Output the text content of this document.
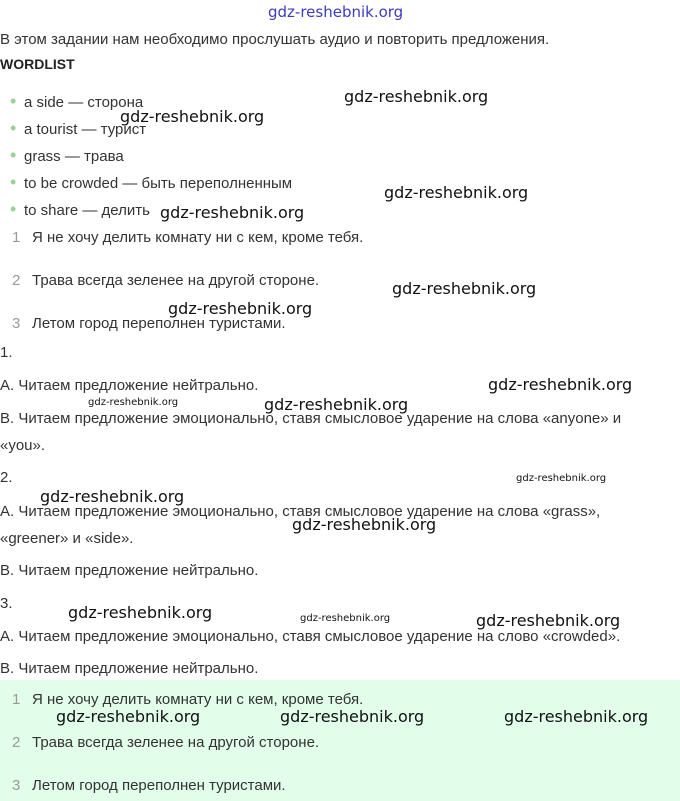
gdz-reshebnik.org
В этом задании нам необходимо прослушать аудио и повторить предложения.
WORDLIST
• a side — сторона
• a tourist — турист
• grass — трава
• to be crowded — быть переполненным
• to share — делить
1 Я не хочу делить комнату ни с кем, кроме тебя.
2 Трава всегда зеленее на другой стороне.
3 Летом город переполнен туристами.
1.
A. Читаем предложение нейтрально.
B. Читаем предложение эмоционально, ставя смысловое ударение на слова «anyone» и
«you».
2.
A. Читаем предложение эмоционально, ставя смысловое ударение на слова «grass»,
«greener» и «side».
B. Читаем предложение нейтрально.
3.
A. Читаем предложение эмоционально, ставя смысловое ударение на слово «crowded».
B. Читаем предложение нейтрально.
1 Я не хочу делить комнату ни с кем, кроме тебя.
2 Трава всегда зеленее на другой стороне.
3 Летом город переполнен туристами.
gdz-reshebnik.org
gdz-reshebnik.org
gdz-reshebnik.org
gdz-reshebnik.org
gdz-reshebnik.org
gdz-reshebnik.org
gdz-reshebnik.org
gdz-reshebnik.org	gdz-reshebnik.org
gdz-reshebnik.org
gdz-reshebnik.org
gdz-reshebnik.org
gdz-reshebnik.org	gdz-reshebnik.org	gdz-reshebnik.org
gdz-reshebnik.org	gdz-reshebnik.org	gdz-reshebnik.org
